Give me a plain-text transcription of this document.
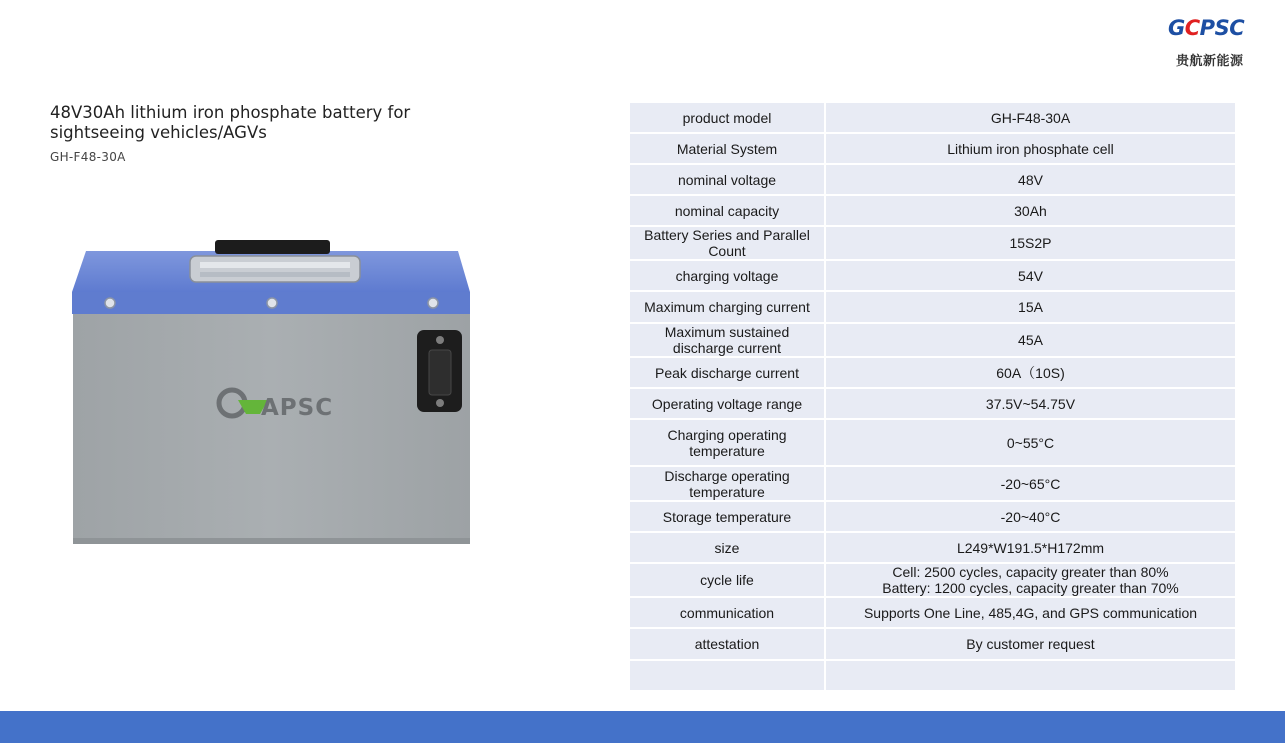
GCPSC
贵航新能源
48V30Ah lithium iron phosphate battery for sightseeing vehicles/AGVs
GH-F48-30A
APSC
product model	GH-F48-30A
Material System	Lithium iron phosphate cell
nominal voltage	48V
nominal capacity	30Ah
Battery Series and Parallel Count	15S2P
charging voltage	54V
Maximum charging current	15A
Maximum sustained discharge current	45A
Peak discharge current	60A（10S)
Operating voltage range	37.5V~54.75V
Charging operating temperature	0~55°C
Discharge operating temperature	-20~65°C
Storage temperature	-20~40°C
size	L249*W191.5*H172mm
cycle life	Cell: 2500 cycles, capacity greater than 80%
Battery: 1200 cycles, capacity greater than 70%

communication	Supports One Line, 485,4G, and GPS communication
attestation	By customer request
